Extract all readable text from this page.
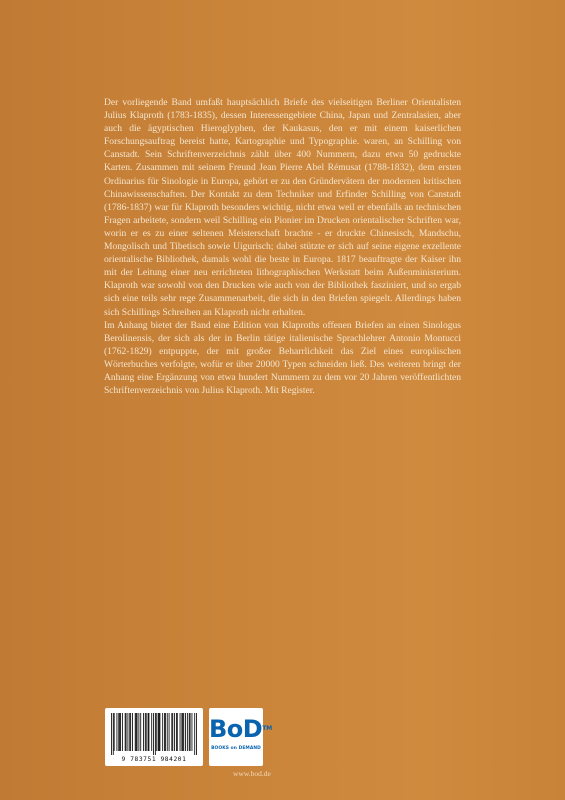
Der vorliegende Band umfaßt hauptsächlich Briefe des vielseitigen Berliner Orientalisten Julius Klaproth (1783-1835), dessen Interessengebiete China, Japan und Zentralasien, aber auch die ägyptischen Hieroglyphen, der Kaukasus, den er mit einem kaiserlichen Forschungsauftrag bereist hatte, Kartographie und Typographie. waren, an Schilling von Canstadt. Sein Schriftenverzeichnis zählt über 400 Nummern, dazu etwa 50 gedruckte Karten. Zusammen mit seinem Freund Jean Pierre Abel Rémusat (1788-1832), dem ersten Ordinarius für Sinologie in Europa, gehört er zu den Gründervätern der modernen kritischen Chinawissenschaften. Der Kontakt zu dem Techniker und Erfinder Schilling von Canstadt (1786-1837) war für Klaproth besonders wichtig, nicht etwa weil er ebenfalls an technischen Fragen arbeitete, sondern weil Schilling ein Pionier im Drucken orientalischer Schriften war, worin er es zu einer seltenen Meisterschaft brachte - er druckte Chinesisch, Mandschu, Mongolisch und Tibetisch sowie Uigurisch; dabei stützte er sich auf seine eigene exzellente orientalische Bibliothek, damals wohl die beste in Europa. 1817 beauftragte der Kaiser ihn mit der Leitung einer neu errichteten lithographischen Werkstatt beim Außenministerium. Klaproth war sowohl von den Drucken wie auch von der Bibliothek fasziniert, und so ergab sich eine teils sehr rege Zusammenarbeit, die sich in den Briefen spiegelt. Allerdings haben sich Schillings Schreiben an Klaproth nicht erhalten.

Im Anhang bietet der Band eine Edition von Klaproths offenen Briefen an einen Sinologus Berolinensis, der sich als der in Berlin tätige italienische Sprachlehrer Antonio Montucci (1762-1829) entpuppte, der mit großer Beharrlichkeit das Ziel eines europäischen Wörterbuches verfolgte, wofür er über 20000 Typen schneiden ließ. Des weiteren bringt der Anhang eine Ergänzung von etwa hundert Nummern zu dem vor 20 Jahren veröffentlichten Schriftenverzeichnis von Julius Klaproth. Mit Register.

9 783751 984201
BoD™
BOOKS on DEMAND
www.bod.de
